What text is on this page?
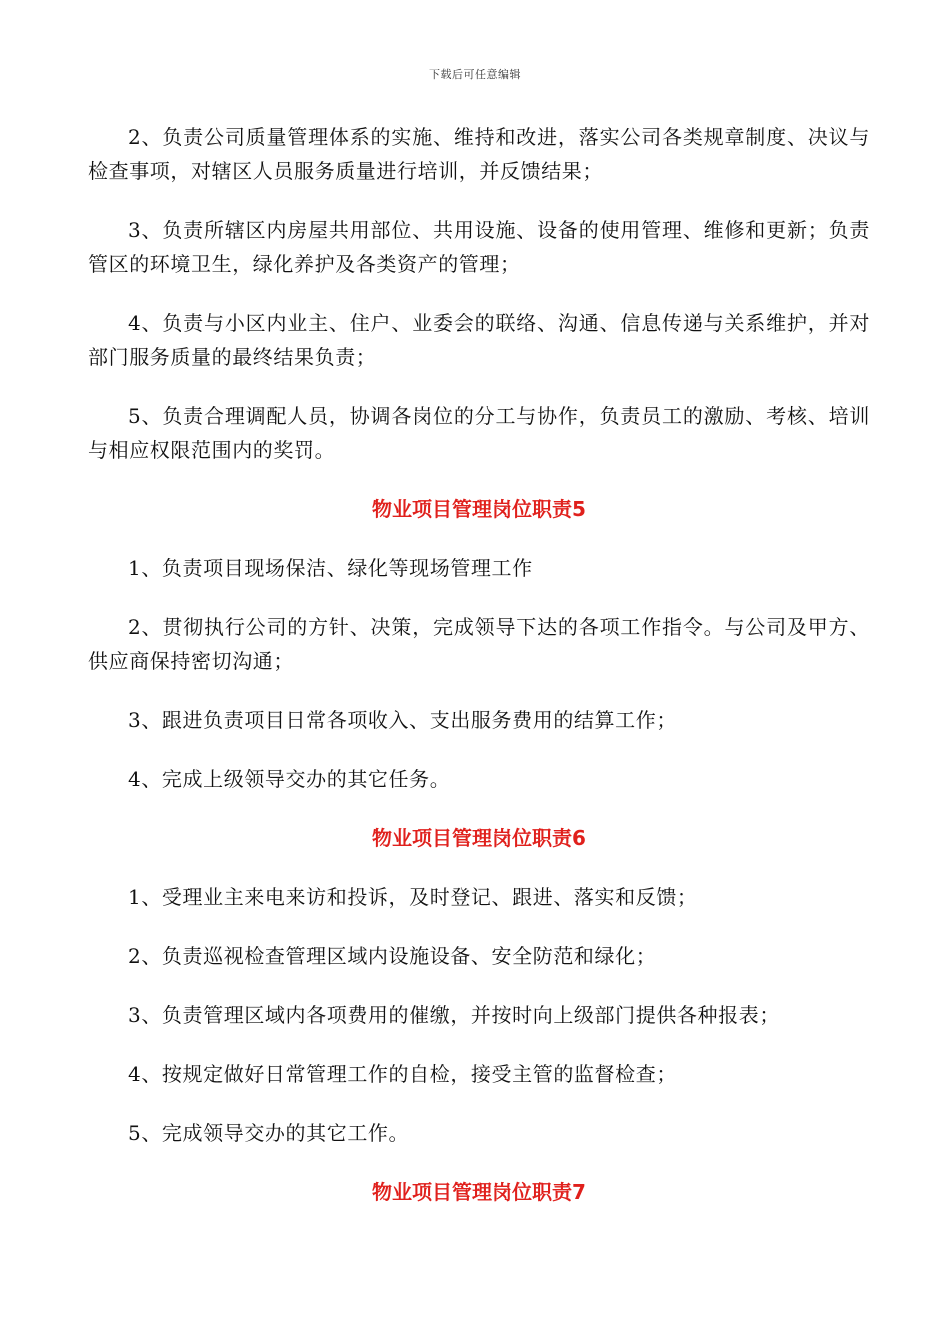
下载后可任意编辑

2、负责公司质量管理体系的实施、维持和改进，落实公司各类规章制度、决议与检查事项，对辖区人员服务质量进行培训，并反馈结果；

3、负责所辖区内房屋共用部位、共用设施、设备的使用管理、维修和更新；负责管区的环境卫生，绿化养护及各类资产的管理；

4、负责与小区内业主、住户、业委会的联络、沟通、信息传递与关系维护，并对部门服务质量的最终结果负责；

5、负责合理调配人员，协调各岗位的分工与协作，负责员工的激励、考核、培训与相应权限范围内的奖罚。

物业项目管理岗位职责5

1、负责项目现场保洁、绿化等现场管理工作

2、贯彻执行公司的方针、决策，完成领导下达的各项工作指令。与公司及甲方、供应商保持密切沟通；

3、跟进负责项目日常各项收入、支出服务费用的结算工作；

4、完成上级领导交办的其它任务。

物业项目管理岗位职责6

1、受理业主来电来访和投诉，及时登记、跟进、落实和反馈；

2、负责巡视检查管理区域内设施设备、安全防范和绿化；

3、负责管理区域内各项费用的催缴，并按时向上级部门提供各种报表；

4、按规定做好日常管理工作的自检，接受主管的监督检查；

5、完成领导交办的其它工作。

物业项目管理岗位职责7
